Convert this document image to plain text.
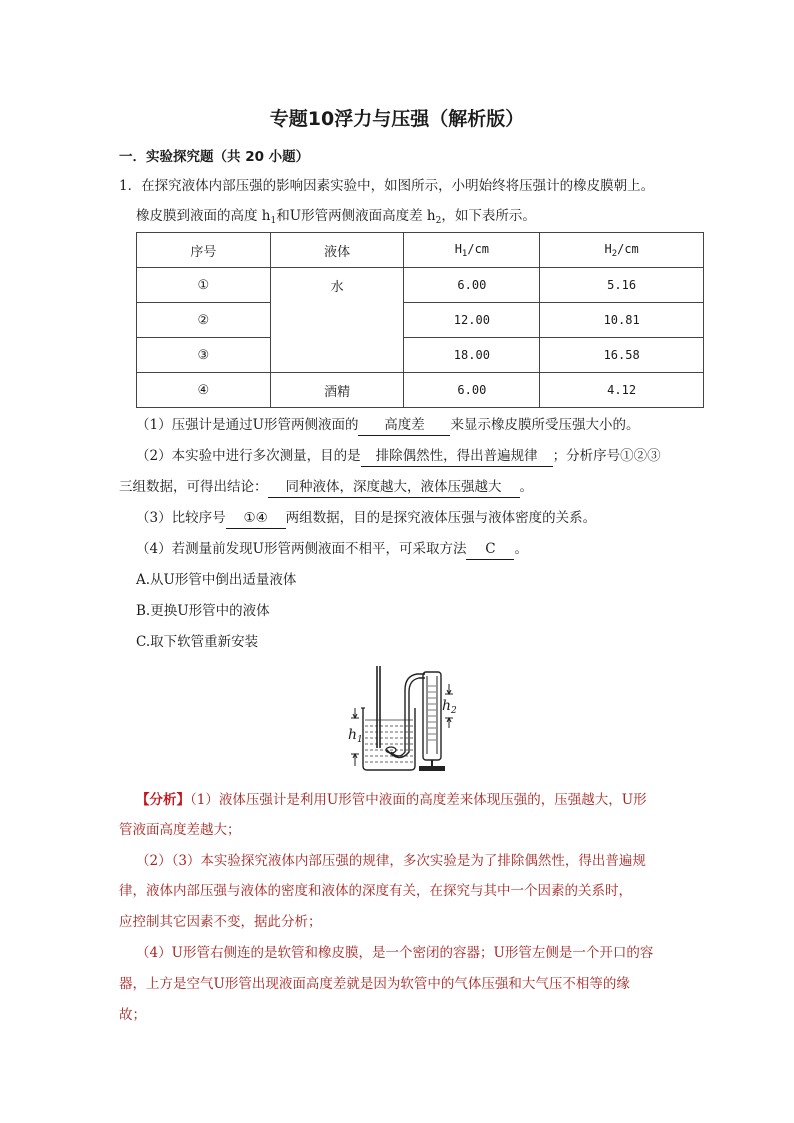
专题10浮力与压强（解析版）
一．实验探究题（共 20 小题）
1．在探究液体内部压强的影响因素实验中，如图所示，小明始终将压强计的橡皮膜朝上。
橡皮膜到液面的高度 $h_1$和U形管两侧液面高度差 $h_2$，如下表所示。
序号	液体	$H_1/cm$	$H_2/cm$
①	水	6.00	5.16
②		12.00	10.81
③		18.00	16.58
④	酒精	6.00	4.12
（1）压强计是通过U形管两侧液面的 高度差 来显示橡皮膜所受压强大小的。
（2）本实验中进行多次测量，目的是 排除偶然性，得出普遍规律 ；分析序号①②③
三组数据，可得出结论： 同种液体，深度越大，液体压强越大 。
（3）比较序号 ①④ 两组数据，目的是探究液体压强与液体密度的关系。
（4）若测量前发现U形管两侧液面不相平，可采取方法 C 。
A.从U形管中倒出适量液体
B.更换U形管中的液体
C.取下软管重新安装
$h_1$
$h_2$
【分析】（1）液体压强计是利用U形管中液面的高度差来体现压强的，压强越大，U形
管液面高度差越大；
（2）（3）本实验探究液体内部压强的规律，多次实验是为了排除偶然性，得出普遍规
律，液体内部压强与液体的密度和液体的深度有关，在探究与其中一个因素的关系时，
应控制其它因素不变，据此分析；
（4）U形管右侧连的是软管和橡皮膜，是一个密闭的容器；U形管左侧是一个开口的容
器，上方是空气U形管出现液面高度差就是因为软管中的气体压强和大气压不相等的缘
故；
